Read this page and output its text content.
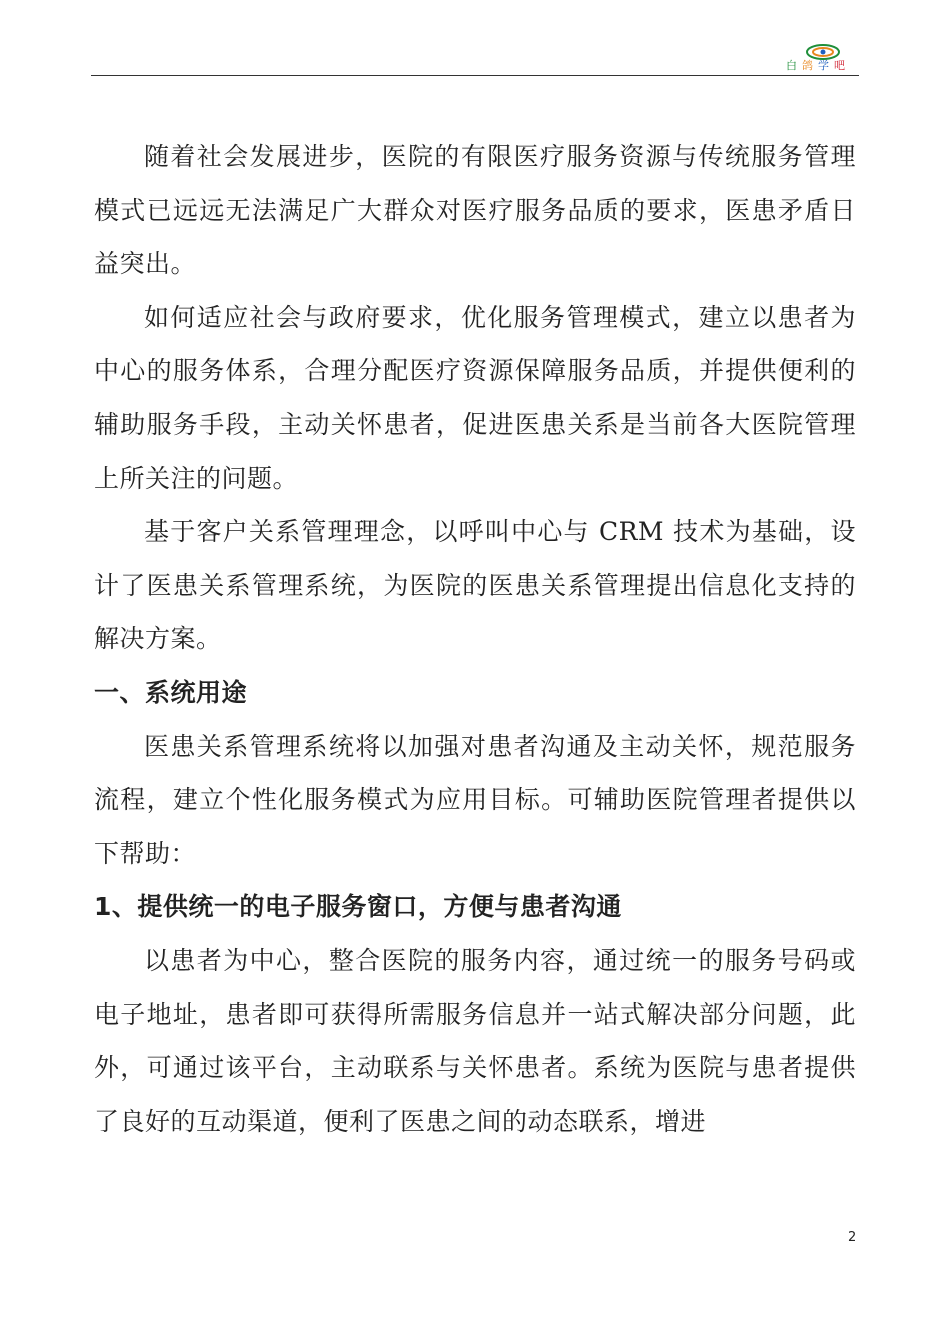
白鸽学吧

随着社会发展进步，医院的有限医疗服务资源与传统服务管理模式已远远无法满足广大群众对医疗服务品质的要求，医患矛盾日益突出。

如何适应社会与政府要求，优化服务管理模式，建立以患者为中心的服务体系，合理分配医疗资源保障服务品质，并提供便利的辅助服务手段，主动关怀患者，促进医患关系是当前各大医院管理上所关注的问题。

基于客户关系管理理念，以呼叫中心与 CRM 技术为基础，设计了医患关系管理系统，为医院的医患关系管理提出信息化支持的解决方案。

一、系统用途

医患关系管理系统将以加强对患者沟通及主动关怀，规范服务流程，建立个性化服务模式为应用目标。可辅助医院管理者提供以下帮助：

1、提供统一的电子服务窗口，方便与患者沟通

以患者为中心，整合医院的服务内容，通过统一的服务号码或电子地址，患者即可获得所需服务信息并一站式解决部分问题，此外，可通过该平台，主动联系与关怀患者。系统为医院与患者提供了良好的互动渠道，便利了医患之间的动态联系，增进

2
